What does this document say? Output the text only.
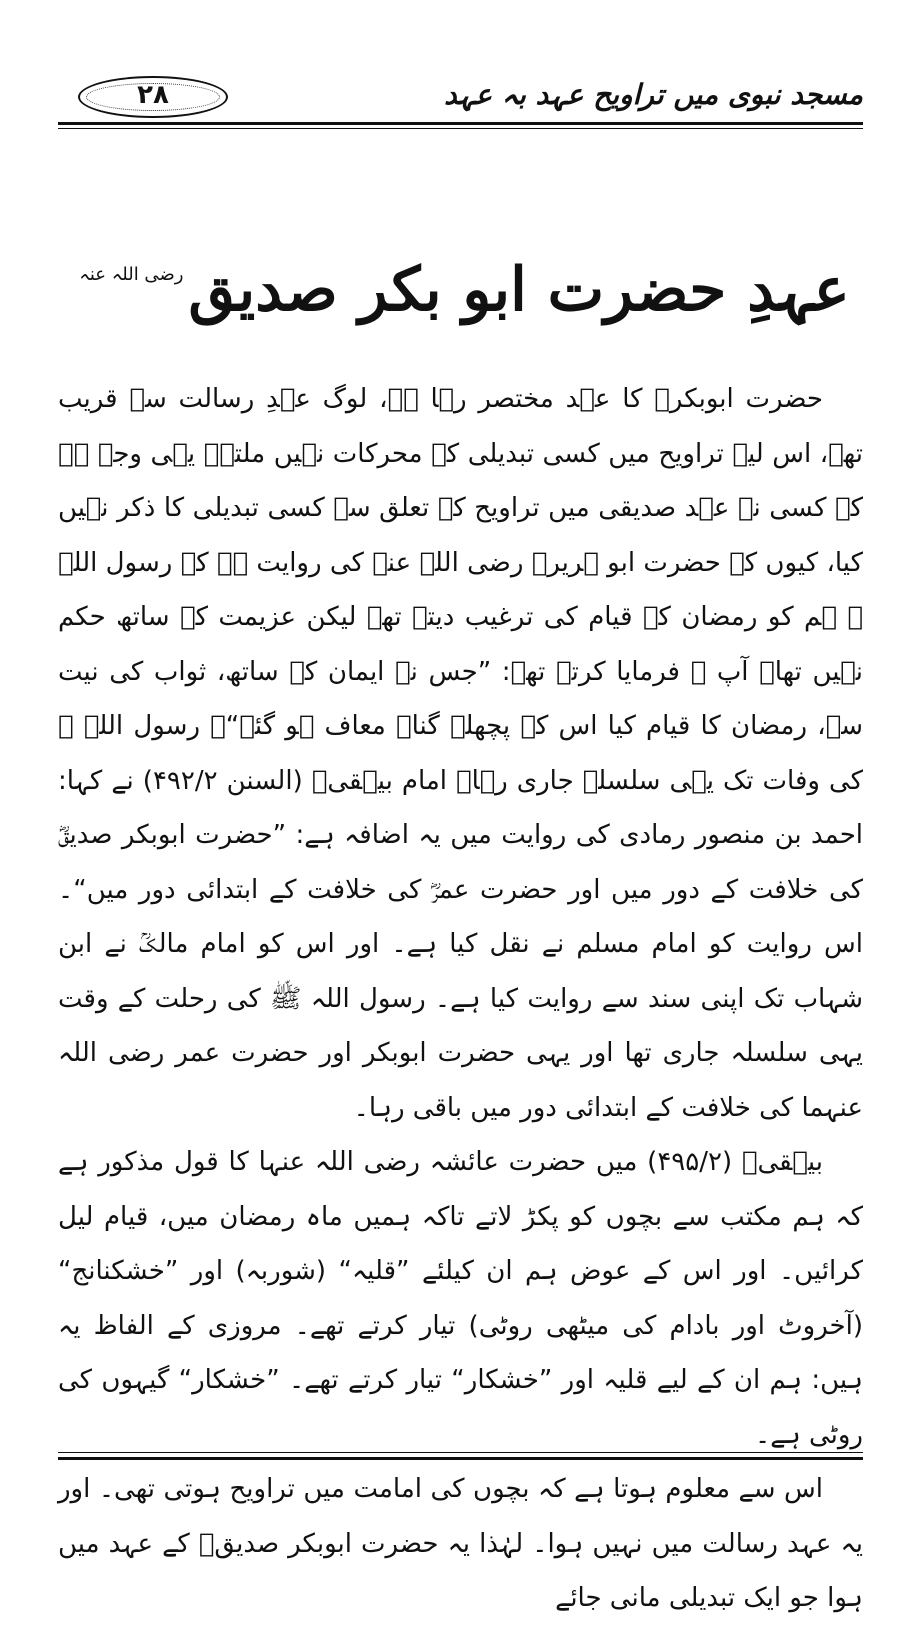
۲۸	مسجد نبوی میں تراویح عہد بہ عہد
عہدِ حضرت ابو بکر صدیق رضی اللہ عنہ

حضرت ابوبکرؓ کا عہد مختصر رہا ہے، لوگ عہدِ رسالت سے قریب تھے، اس لیے تراویح میں کسی تبدیلی کے محرکات نہیں ملتے۔ یہی وجہ ہے کہ کسی نے عہد صدیقی میں تراویح کے تعلق سے کسی تبدیلی کا ذکر نہیں کیا، کیوں کہ حضرت ابو ہریرہ رضی اللہ عنہ کی روایت ہے کہ رسول اللہ ﷺ ہم کو رمضان کے قیام کی ترغیب دیتے تھے لیکن عزیمت کے ساتھ حکم نہیں تھا۔ آپ ﷺ فرمایا کرتے تھے: ”جس نے ایمان کے ساتھ، ثواب کی نیت سے، رمضان کا قیام کیا اس کے پچھلے گناہ معاف ہو گئے“۔ رسول اللہ ﷺ کی وفات تک یہی سلسلہ جاری رہا۔ امام بیہقیؒ (السنن ۴۹۲/۲) نے کہا: احمد بن منصور رمادی کی روایت میں یہ اضافہ ہے: ”حضرت ابوبکر صدیقؓ کی خلافت کے دور میں اور حضرت عمرؓ کی خلافت کے ابتدائی دور میں“۔ اس روایت کو امام مسلم نے نقل کیا ہے۔ اور اس کو امام مالکؒ نے ابن شہاب تک اپنی سند سے روایت کیا ہے۔ رسول اللہ ﷺ کی رحلت کے وقت یہی سلسلہ جاری تھا اور یہی حضرت ابوبکر اور حضرت عمر رضی اللہ عنہما کی خلافت کے ابتدائی دور میں باقی رہا۔

بیہقیؒ (۴۹۵/۲) میں حضرت عائشہ رضی اللہ عنہا کا قول مذکور ہے کہ ہم مکتب سے بچوں کو پکڑ لاتے تاکہ ہمیں ماہ رمضان میں، قیام لیل کرائیں۔ اور اس کے عوض ہم ان کیلئے ”قلیہ“ (شوربہ) اور ”خشکنانج“ (آخروٹ اور بادام کی میٹھی روٹی) تیار کرتے تھے۔ مروزی کے الفاظ یہ ہیں: ہم ان کے لیے قلیہ اور ”خشکار“ تیار کرتے تھے۔ ”خشکار“ گیہوں کی روٹی ہے۔

اس سے معلوم ہوتا ہے کہ بچوں کی امامت میں تراویح ہوتی تھی۔ اور یہ عہد رسالت میں نہیں ہوا۔ لہٰذا یہ حضرت ابوبکر صدیقؓ کے عہد میں ہوا جو ایک تبدیلی مانی جائے
